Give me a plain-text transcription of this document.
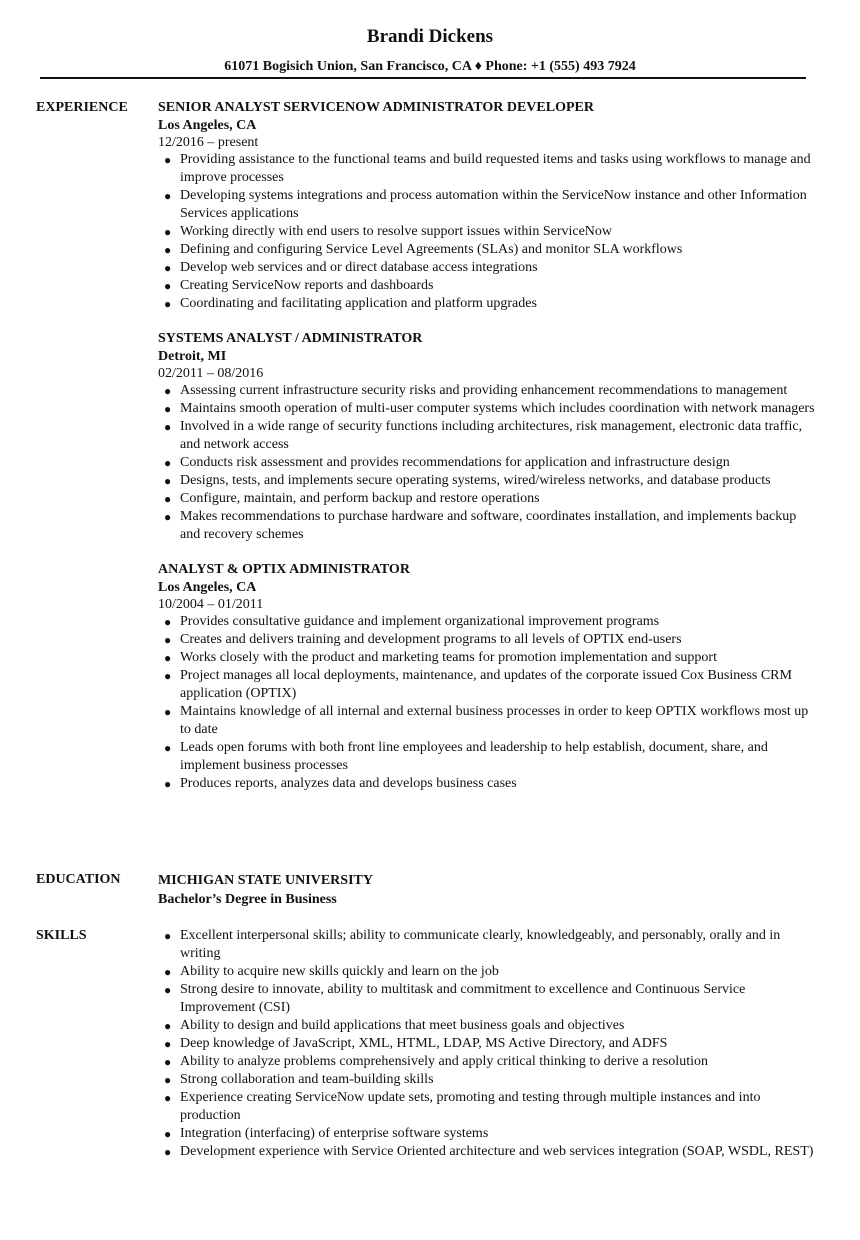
Brandi Dickens
61071 Bogisich Union, San Francisco, CA ♦ Phone: +1 (555) 493 7924
EXPERIENCE SENIOR ANALYST SERVICENOW ADMINISTRATOR DEVELOPER
Los Angeles, CA
12/2016 – present
● Providing assistance to the functional teams and build requested items and tasks using workflows to manage and improve processes
● Developing systems integrations and process automation within the ServiceNow instance and other Information Services applications
● Working directly with end users to resolve support issues within ServiceNow
● Defining and configuring Service Level Agreements (SLAs) and monitor SLA workflows
● Develop web services and or direct database access integrations
● Creating ServiceNow reports and dashboards
● Coordinating and facilitating application and platform upgrades
SYSTEMS ANALYST / ADMINISTRATOR
Detroit, MI
02/2011 – 08/2016
● Assessing current infrastructure security risks and providing enhancement recommendations to management
● Maintains smooth operation of multi-user computer systems which includes coordination with network managers
● Involved in a wide range of security functions including architectures, risk management, electronic data traffic, and network access
● Conducts risk assessment and provides recommendations for application and infrastructure design
● Designs, tests, and implements secure operating systems, wired/wireless networks, and database products
● Configure, maintain, and perform backup and restore operations
● Makes recommendations to purchase hardware and software, coordinates installation, and implements backup and recovery schemes
ANALYST & OPTIX ADMINISTRATOR
Los Angeles, CA
10/2004 – 01/2011
● Provides consultative guidance and implement organizational improvement programs
● Creates and delivers training and development programs to all levels of OPTIX end-users
● Works closely with the product and marketing teams for promotion implementation and support
● Project manages all local deployments, maintenance, and updates of the corporate issued Cox Business CRM application (OPTIX)
● Maintains knowledge of all internal and external business processes in order to keep OPTIX workflows most up to date
● Leads open forums with both front line employees and leadership to help establish, document, share, and implement business processes
● Produces reports, analyzes data and develops business cases
EDUCATION	MICHIGAN STATE UNIVERSITY
Bachelor’s Degree in Business
SKILLS	● Excellent interpersonal skills; ability to communicate clearly, knowledgeably, and personably, orally and in writing
● Ability to acquire new skills quickly and learn on the job
● Strong desire to innovate, ability to multitask and commitment to excellence and Continuous Service Improvement (CSI)
● Ability to design and build applications that meet business goals and objectives
● Deep knowledge of JavaScript, XML, HTML, LDAP, MS Active Directory, and ADFS
● Ability to analyze problems comprehensively and apply critical thinking to derive a resolution
● Strong collaboration and team-building skills
● Experience creating ServiceNow update sets, promoting and testing through multiple instances and into production
● Integration (interfacing) of enterprise software systems
● Development experience with Service Oriented architecture and web services integration (SOAP, WSDL, REST)
